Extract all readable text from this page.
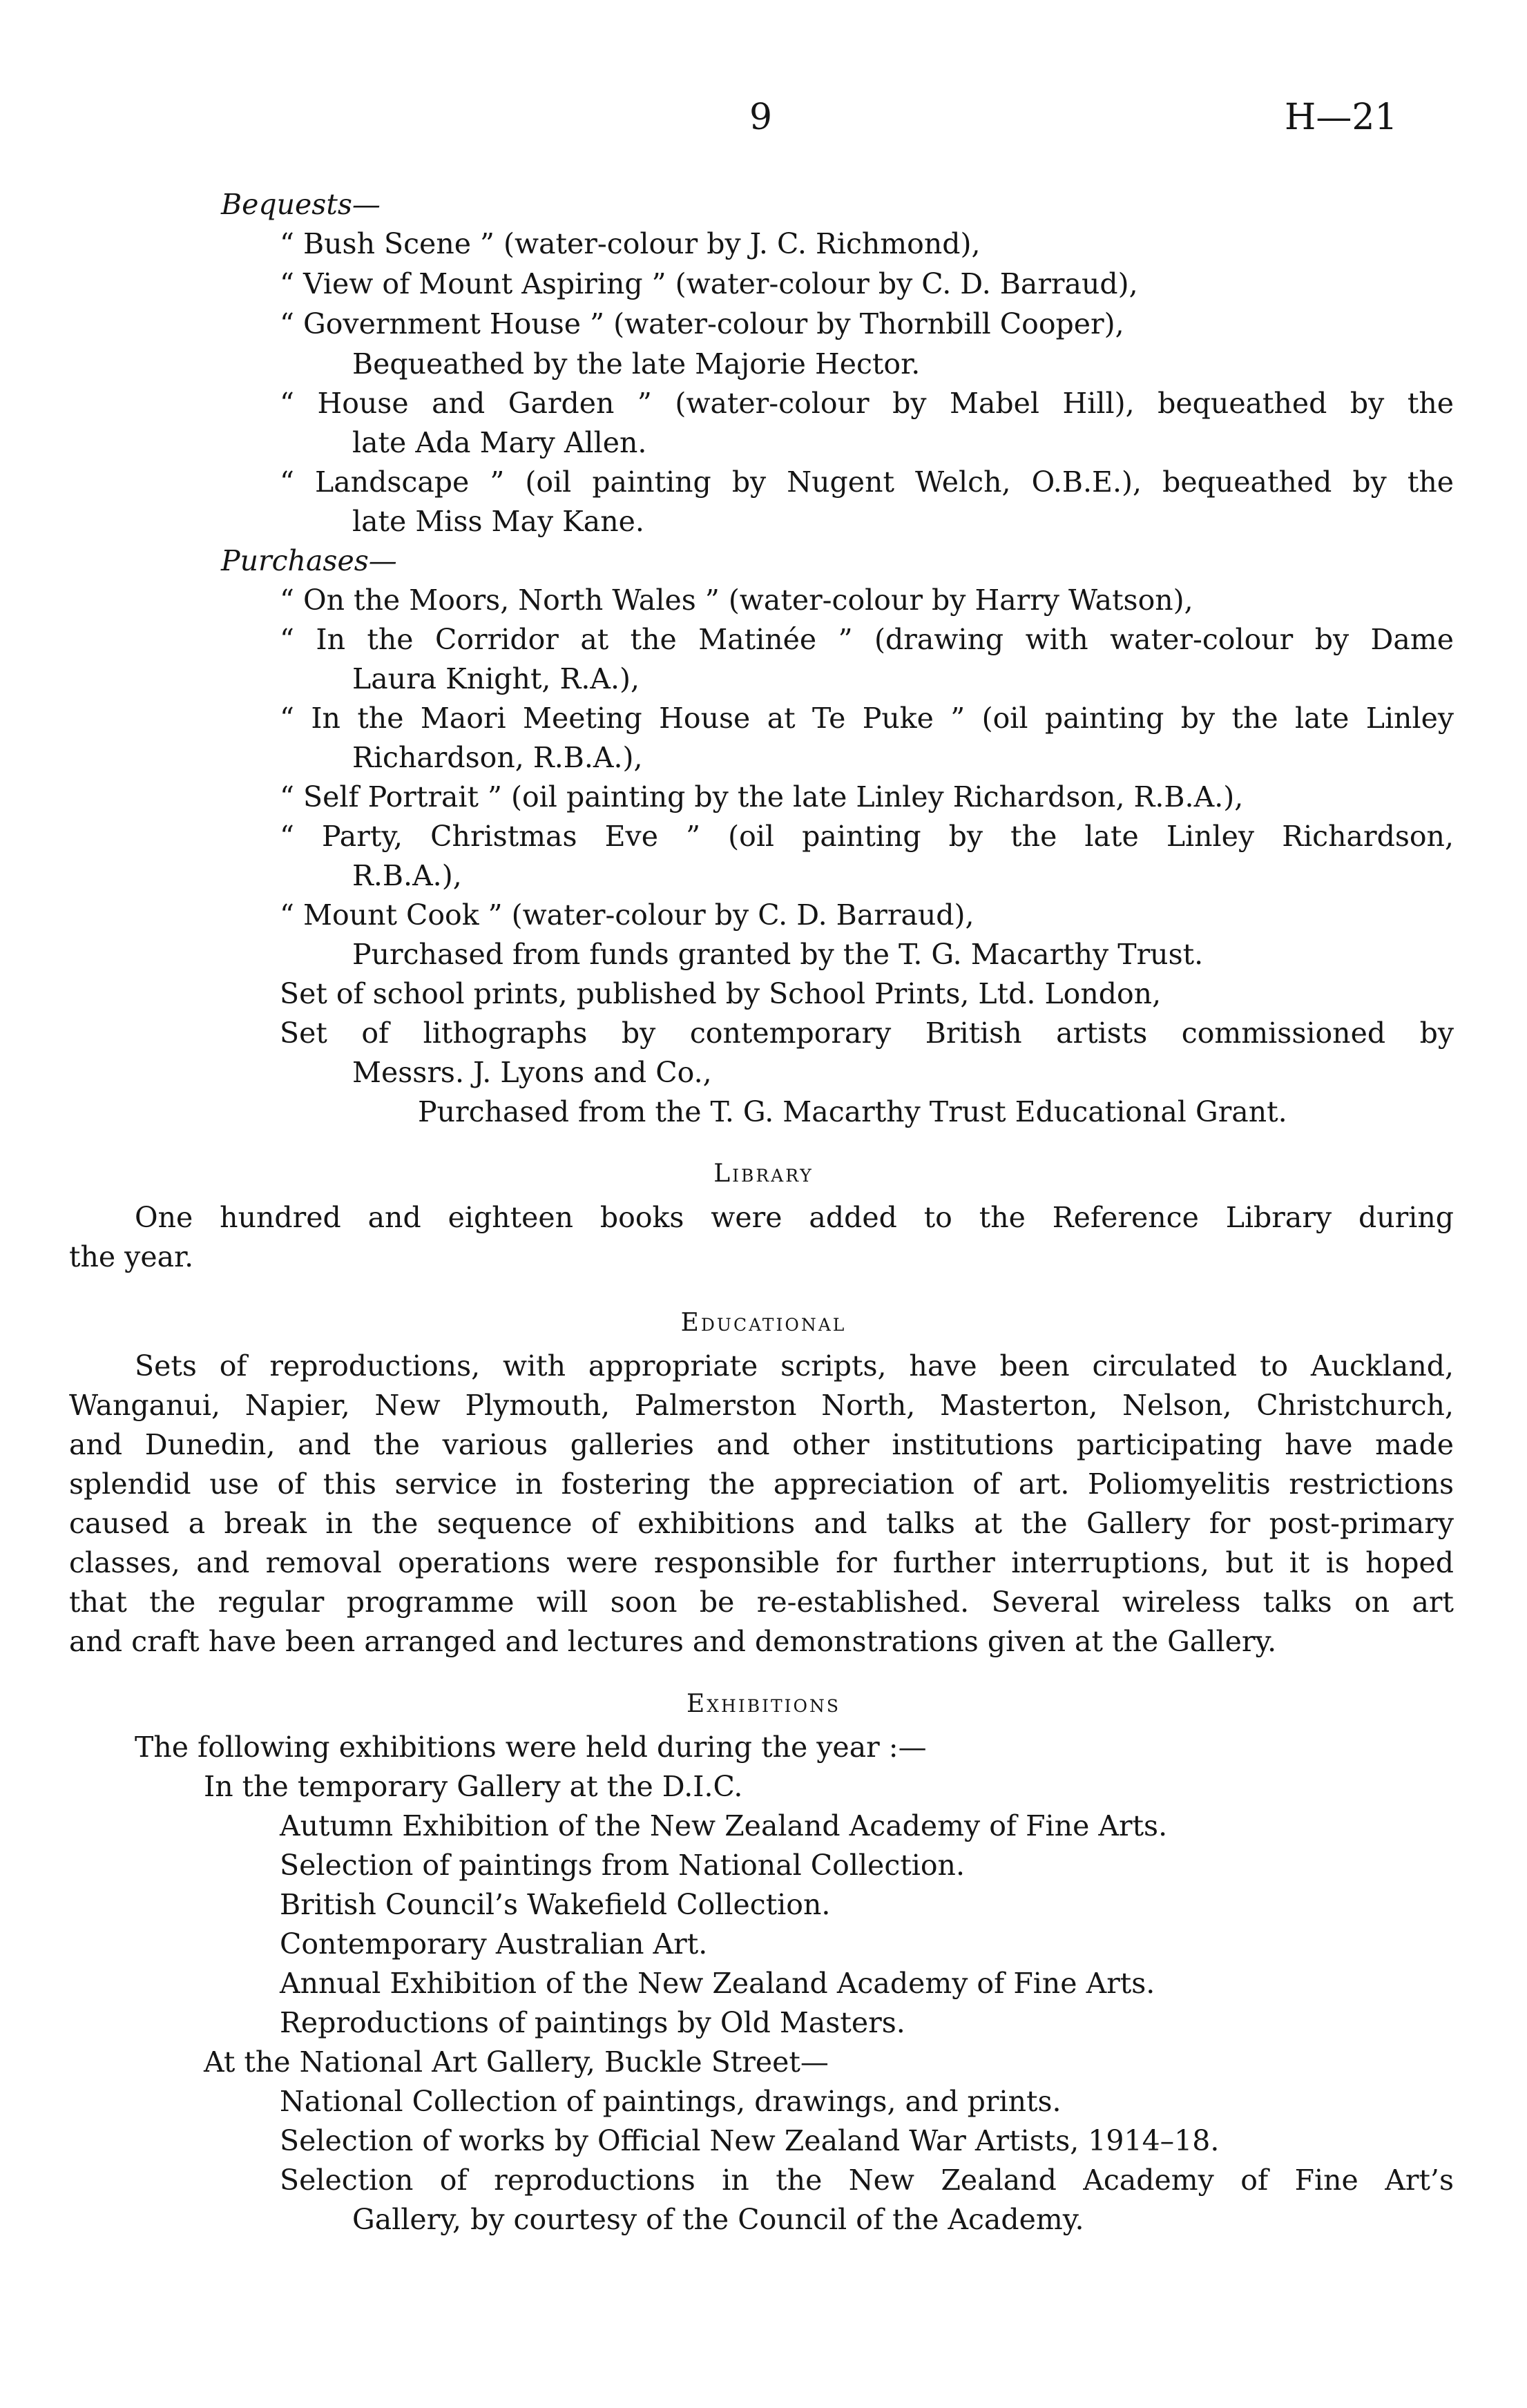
9	H—21
Bequests—
“ Bush Scene ” (water-colour by J. C. Richmond),
“ View of Mount Aspiring ” (water-colour by C. D. Barraud),
“ Government House ” (water-colour by Thornbill Cooper),
Bequeathed by the late Majorie Hector.
“ House and Garden ” (water-colour by Mabel Hill), bequeathed by the
late Ada Mary Allen.
“ Landscape ” (oil painting by Nugent Welch, O.B.E.), bequeathed by the
late Miss May Kane.
Purchases—
“ On the Moors, North Wales ” (water-colour by Harry Watson),
“ In the Corridor at the Matinée ” (drawing with water-colour by Dame
Laura Knight, R.A.),
“ In the Maori Meeting House at Te Puke ” (oil painting by the late Linley
Richardson, R.B.A.),
“ Self Portrait ” (oil painting by the late Linley Richardson, R.B.A.),
“ Party, Christmas Eve ” (oil painting by the late Linley Richardson,
R.B.A.),
“ Mount Cook ” (water-colour by C. D. Barraud),
Purchased from funds granted by the T. G. Macarthy Trust.
Set of school prints, published by School Prints, Ltd. London,
Set of lithographs by contemporary British artists commissioned by
Messrs. J. Lyons and Co.,
Purchased from the T. G. Macarthy Trust Educational Grant.
Library
One hundred and eighteen books were added to the Reference Library during
the year.
Educational
Sets of reproductions, with appropriate scripts, have been circulated to Auckland,
Wanganui, Napier, New Plymouth, Palmerston North, Masterton, Nelson, Christchurch,
and Dunedin, and the various galleries and other institutions participating have made
splendid use of this service in fostering the appreciation of art. Poliomyelitis restrictions
caused a break in the sequence of exhibitions and talks at the Gallery for post-primary
classes, and removal operations were responsible for further interruptions, but it is hoped
that the regular programme will soon be re-established. Several wireless talks on art
and craft have been arranged and lectures and demonstrations given at the Gallery.
Exhibitions
The following exhibitions were held during the year :—
In the temporary Gallery at the D.I.C.
Autumn Exhibition of the New Zealand Academy of Fine Arts.
Selection of paintings from National Collection.
British Council’s Wakefield Collection.
Contemporary Australian Art.
Annual Exhibition of the New Zealand Academy of Fine Arts.
Reproductions of paintings by Old Masters.
At the National Art Gallery, Buckle Street—
National Collection of paintings, drawings, and prints.
Selection of works by Official New Zealand War Artists, 1914–18.
Selection of reproductions in the New Zealand Academy of Fine Art’s
Gallery, by courtesy of the Council of the Academy.
